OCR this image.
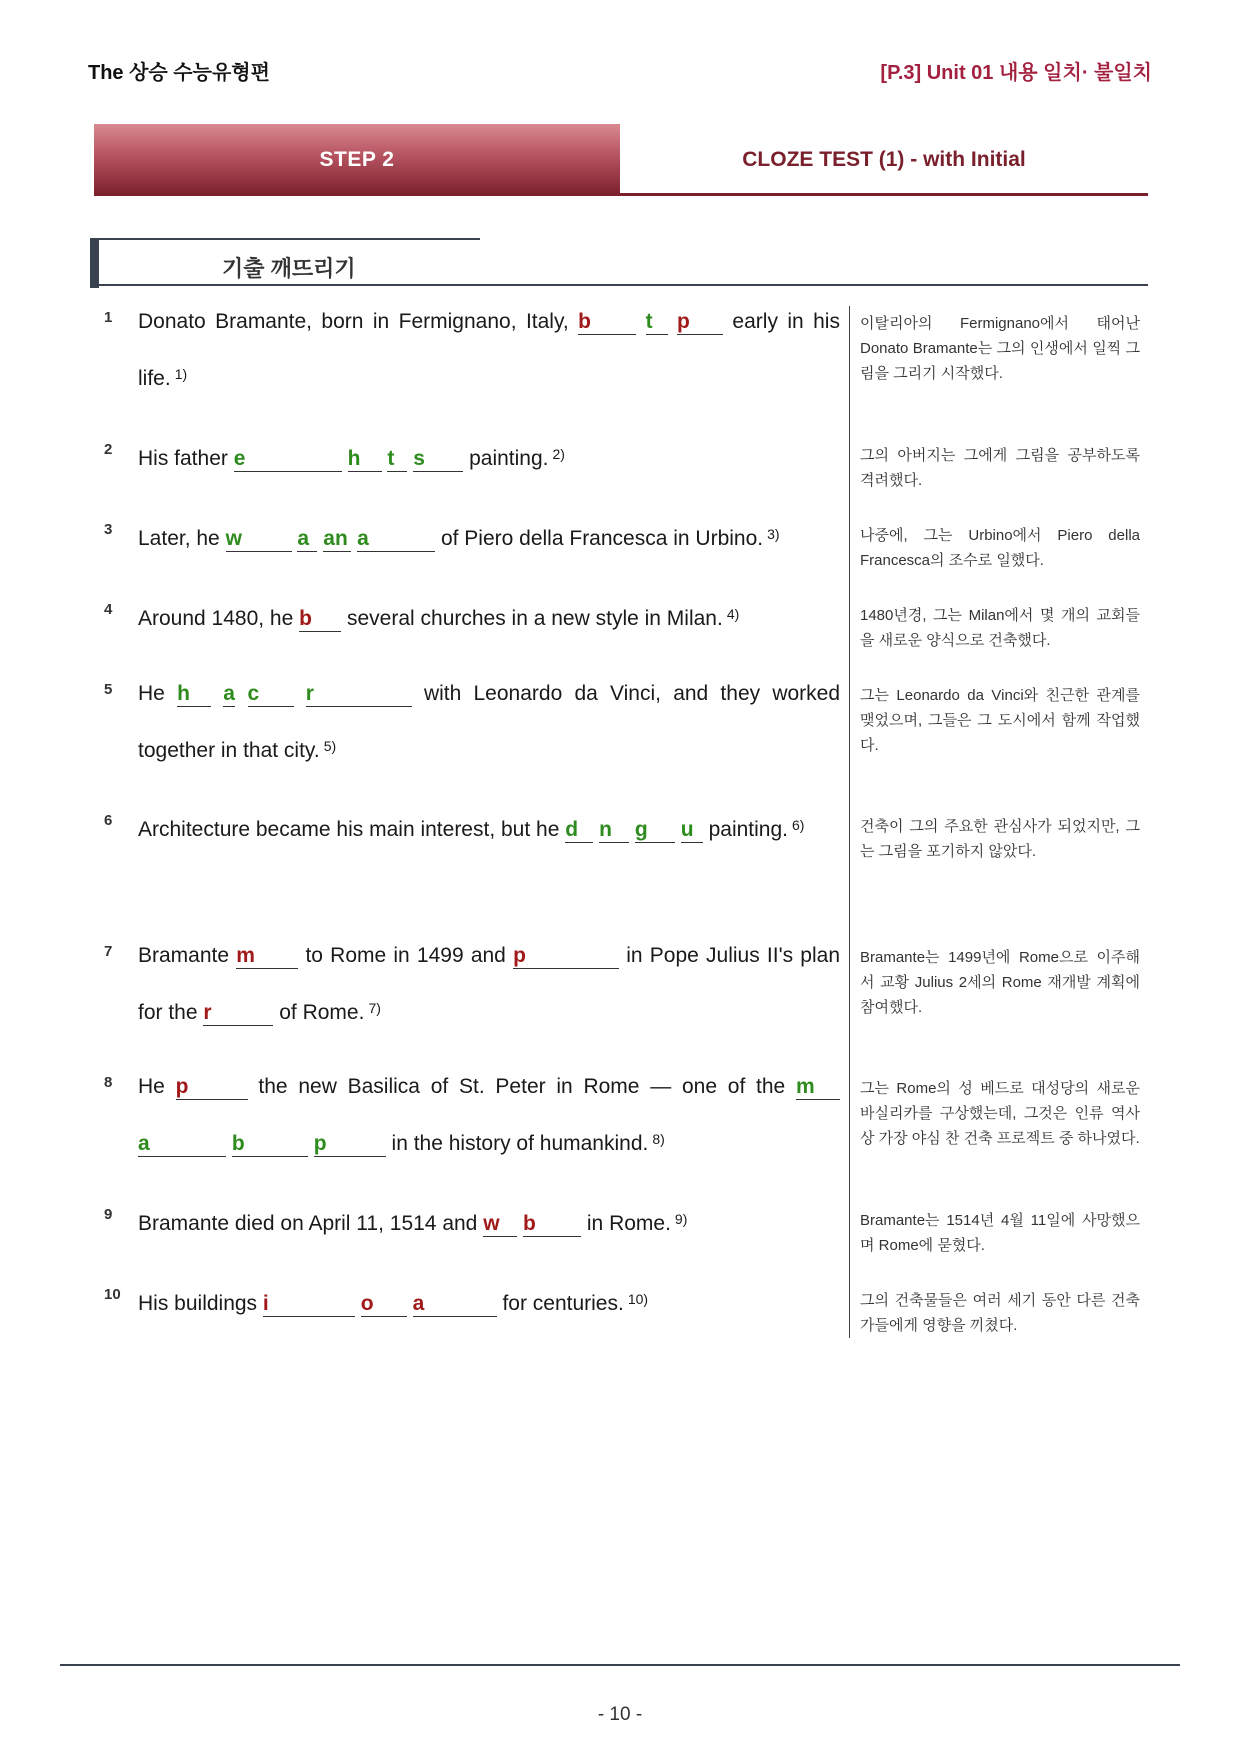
The 상승 수능유형편	[P.3] Unit 01 내용 일치· 불일치
STEP 2	CLOZE TEST (1) - with Initial
기출 깨뜨리기
1 Donato Bramante, born in Fermignano, Italy, b	t p early in his life. $^{1)}$
이탈리아의 Fermignano에서 태어난 Donato Bramante는 그의 인생에서 일찍 그림을 그리기 시작했다.
2 His father e	h t s painting. $^{2)}$	그의 아버지는 그에게 그림을 공부하도록 격려했다.
3 Later, he w	a an a	of Piero della Francesca in Urbino. $^{3)}$	나중에, 그는 Urbino에서 Piero della Francesca의 조수로 일했다.
4 Around 1480, he b several churches in a new style in Milan. $^{4)}$	1480년경, 그는 Milan에서 몇 개의 교회들을 새로운 양식으로 건축했다.
5 He h a c r	with Leonardo da Vinci, and they worked together in that city. $^{5)}$
그는 Leonardo da Vinci와 친근한 관계를 맺었으며, 그들은 그 도시에서 함께 작업했다.
6 Architecture became his main interest, but he d n g u painting. $^{6)}$	건축이 그의 주요한 관심사가 되었지만, 그는 그림을 포기하지 않았다.
7 Bramante m to Rome in 1499 and p	in Pope Julius II's plan for the r	of Rome. $^{7)}$
Bramante는 1499년에 Rome으로 이주해서 교황 Julius 2세의 Rome 재개발 계획에 참여했다.
8 He p	the new Basilica of St. Peter in Rome — one of the m a	b	p	in the history of humankind. $^{8)}$
그는 Rome의 성 베드로 대성당의 새로운 바실리카를 구상했는데, 그것은 인류 역사상 가장 야심 찬 건축 프로젝트 중 하나였다.
9 Bramante died on April 11, 1514 and w b in Rome. $^{9)}$	Bramante는 1514년 4월 11일에 사망했으며 Rome에 묻혔다.
10 His buildings i	o a	for centuries. $^{10)}$	그의 건축물들은 여러 세기 동안 다른 건축가들에게 영향을 끼쳤다.
- 10 -
